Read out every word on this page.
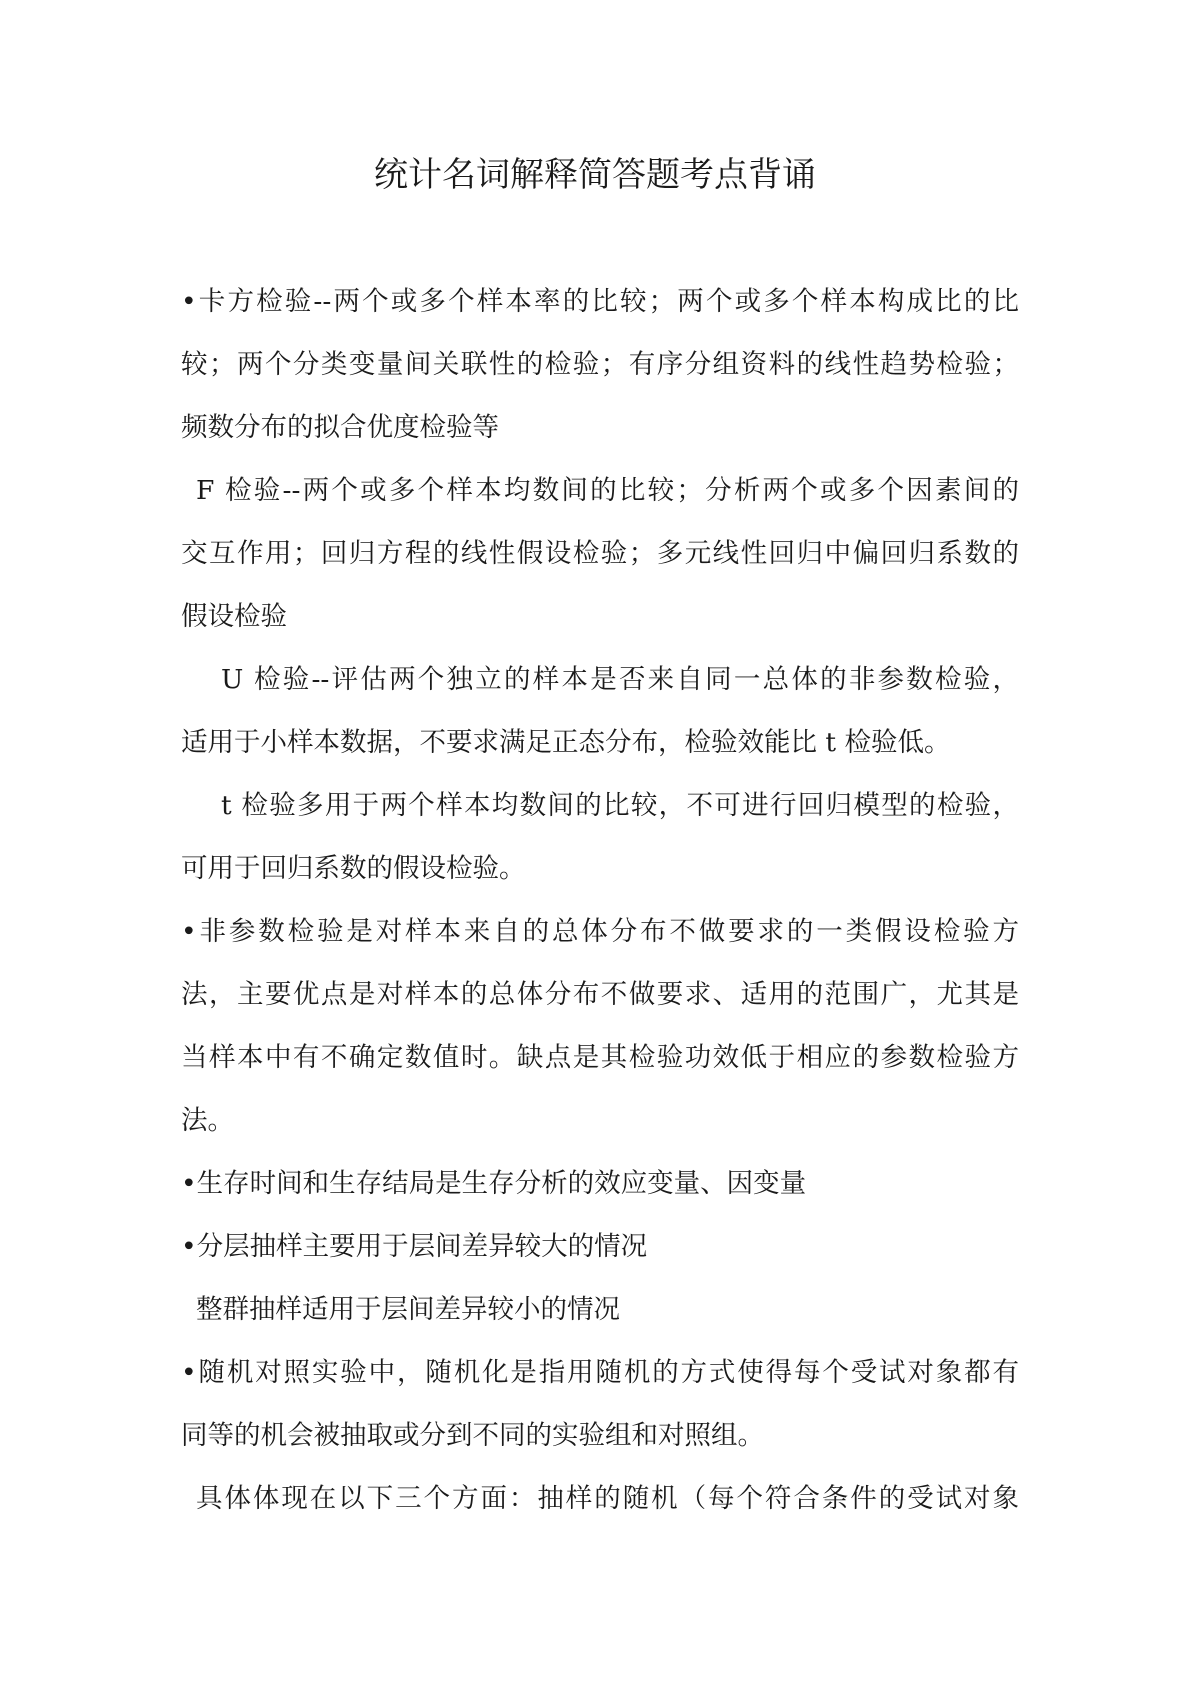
统计名词解释简答题考点背诵
•卡方检验--两个或多个样本率的比较；两个或多个样本构成比的比
较；两个分类变量间关联性的检验；有序分组资料的线性趋势检验；
频数分布的拟合优度检验等
F 检验--两个或多个样本均数间的比较；分析两个或多个因素间的
交互作用；回归方程的线性假设检验；多元线性回归中偏回归系数的
假设检验
U 检验--评估两个独立的样本是否来自同一总体的非参数检验，
适用于小样本数据，不要求满足正态分布，检验效能比 t 检验低。
t 检验多用于两个样本均数间的比较，不可进行回归模型的检验，
可用于回归系数的假设检验。
•非参数检验是对样本来自的总体分布不做要求的一类假设检验方
法，主要优点是对样本的总体分布不做要求、适用的范围广，尤其是
当样本中有不确定数值时。缺点是其检验功效低于相应的参数检验方
法。
•生存时间和生存结局是生存分析的效应变量、因变量
•分层抽样主要用于层间差异较大的情况
整群抽样适用于层间差异较小的情况
•随机对照实验中，随机化是指用随机的方式使得每个受试对象都有
同等的机会被抽取或分到不同的实验组和对照组。
具体体现在以下三个方面：抽样的随机（每个符合条件的受试对象
